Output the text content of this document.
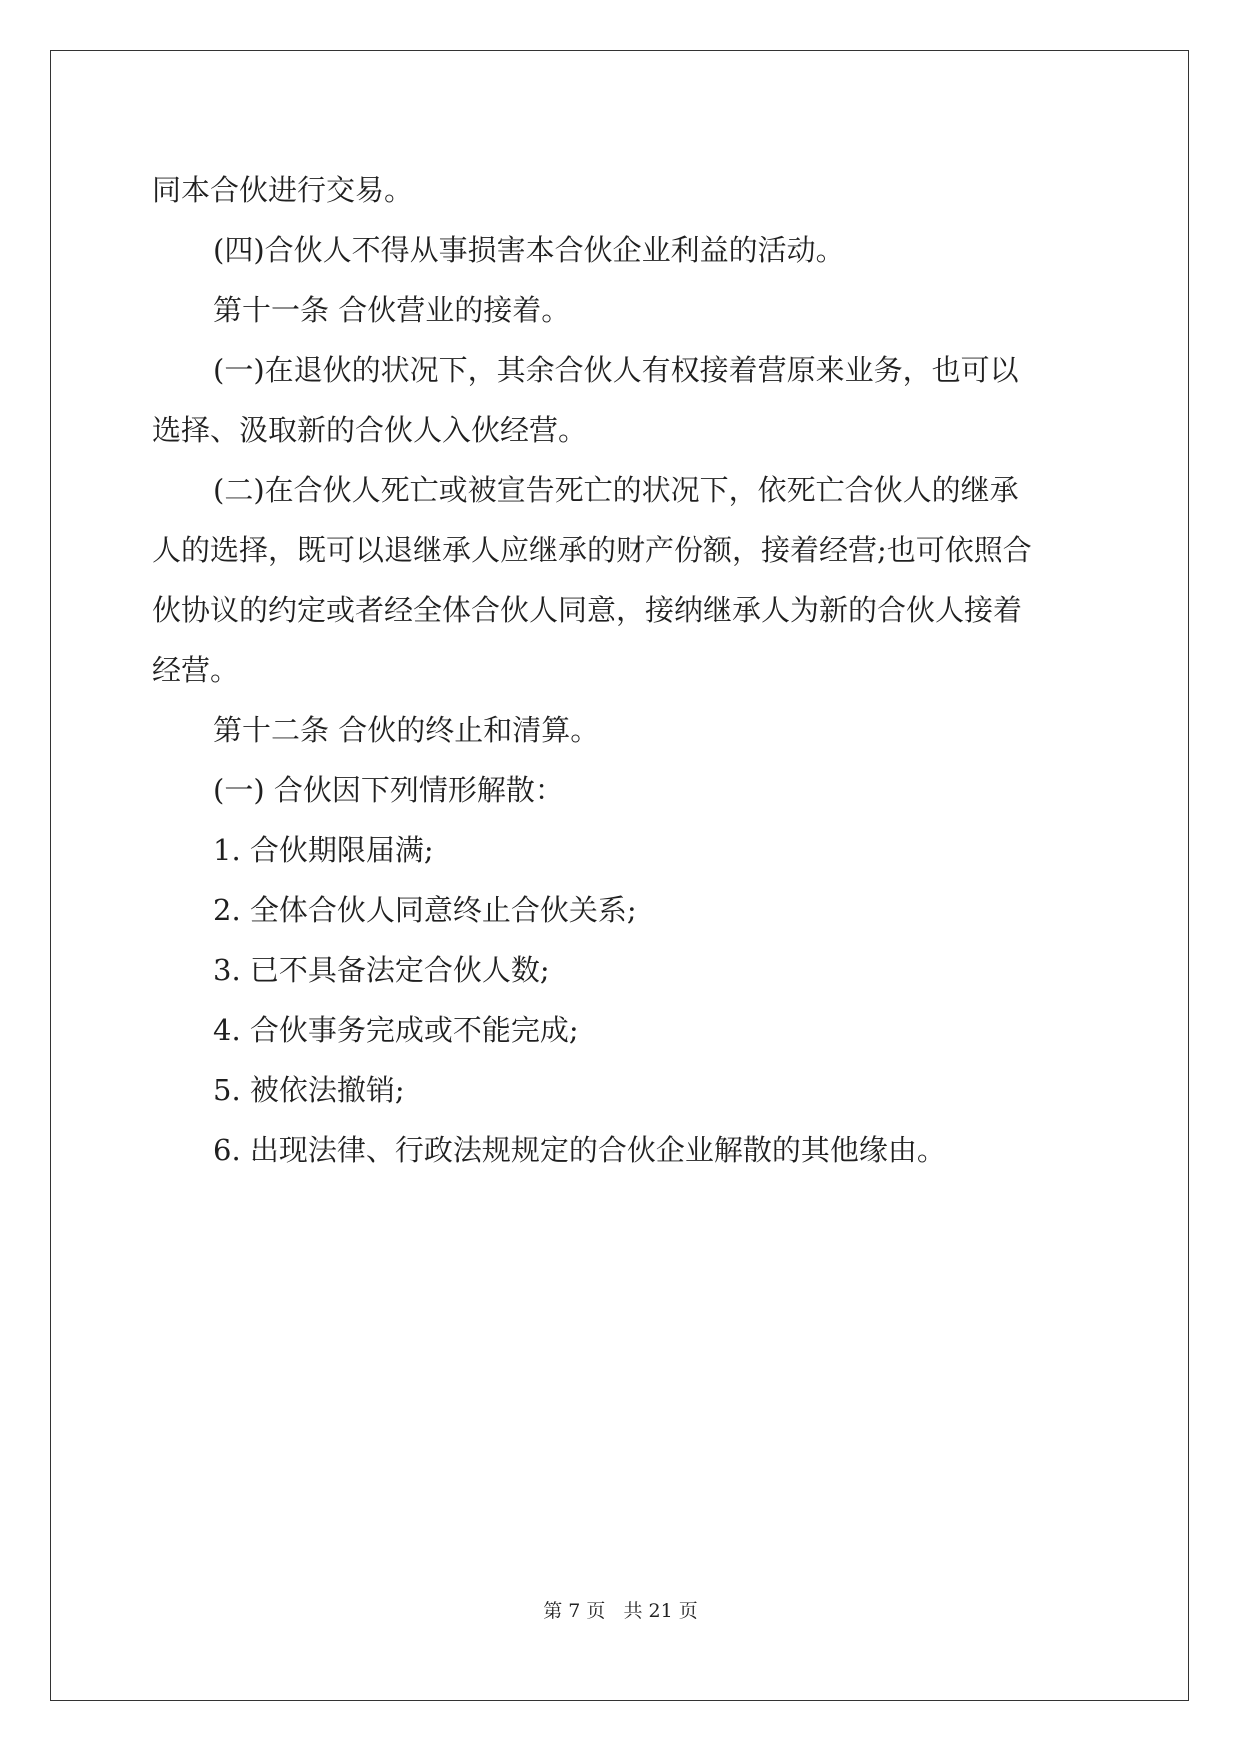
同本合伙进行交易。

(四)合伙人不得从事损害本合伙企业利益的活动。

第十一条 合伙营业的接着。

(一)在退伙的状况下，其余合伙人有权接着营原来业务，也可以

选择、汲取新的合伙人入伙经营。

(二)在合伙人死亡或被宣告死亡的状况下，依死亡合伙人的继承

人的选择，既可以退继承人应继承的财产份额，接着经营;也可依照合

伙协议的约定或者经全体合伙人同意，接纳继承人为新的合伙人接着

经营。

第十二条 合伙的终止和清算。

(一) 合伙因下列情形解散：

1. 合伙期限届满;

2. 全体合伙人同意终止合伙关系;

3. 已不具备法定合伙人数;

4. 合伙事务完成或不能完成;

5. 被依法撤销;

6. 出现法律、行政法规规定的合伙企业解散的其他缘由。

第 7 页   共 21 页
